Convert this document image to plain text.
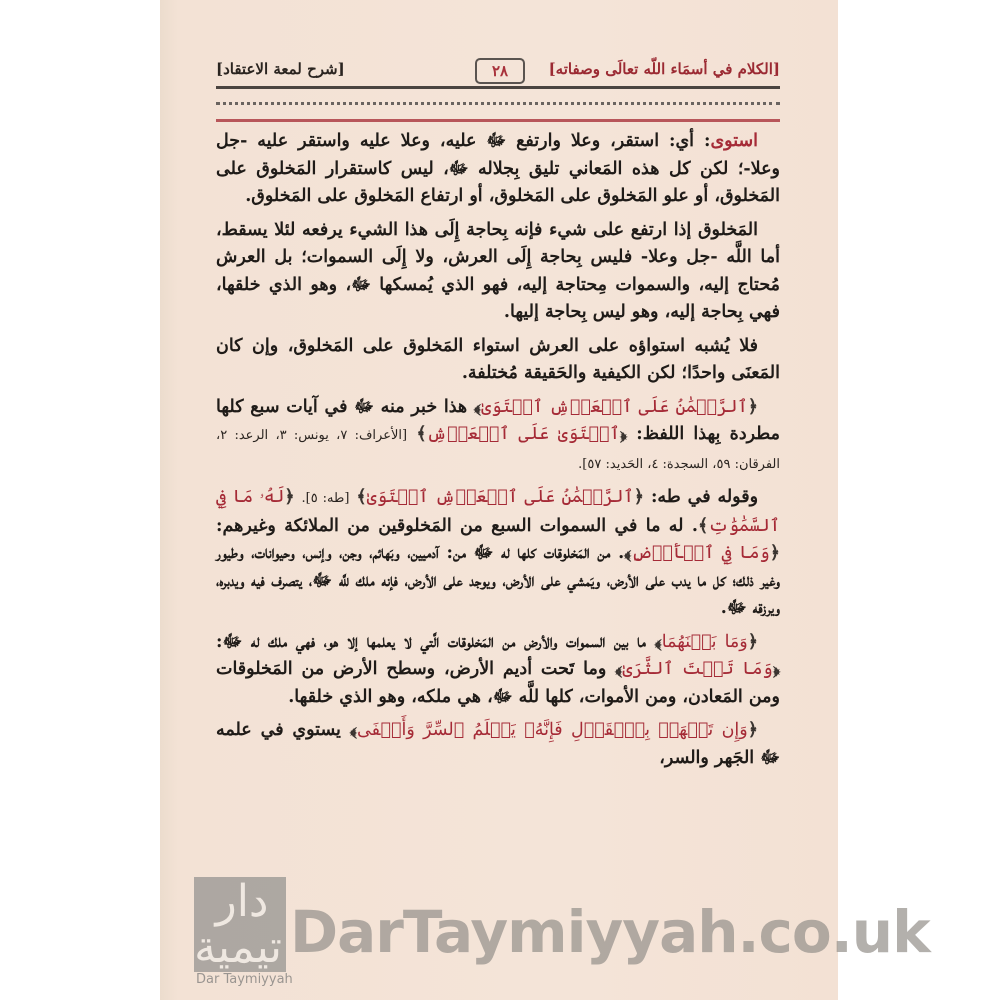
[الكلام في أسمَاء اللّه تعالَى وصفاته]
[شرح لمعة الاعتقاد]	٢٨

استوى: أي: استقر، وعلا وارتفع ﷻ عليه، وعلا عليه واستقر عليه -جل وعلا-؛ لكن كل هذه المَعاني تليق بِجلاله ﷻ، ليس كاستقرار المَخلوق على المَخلوق، أو علو المَخلوق على المَخلوق، أو ارتفاع المَخلوق على المَخلوق.

المَخلوق إذا ارتفع على شيء فإنه بِحاجة إِلَى هذا الشيء يرفعه لئلا يسقط، أما اللَّه -جل وعلا- فليس بِحاجة إِلَى العرش، ولا إِلَى السموات؛ بل العرش مُحتاج إليه، والسموات مِحتاجة إليه، فهو الذي يُمسكها ﷻ، وهو الذي خلقها، فهي بِحاجة إليه، وهو ليس بِحاجة إليها.

فلا يُشبه استواؤه على العرش استواء المَخلوق على المَخلوق، وإن كان المَعنَى واحدًا؛ لكن الكيفية والحَقيقة مُختلفة.

﴿ٱلرَّحۡمَٰنُ عَلَى ٱلۡعَرۡشِ ٱسۡتَوَىٰ﴾ هذا خبر منه ﷻ في آيات سبع كلها مطردة بِهذا اللفظ: ﴿ٱسۡتَوَىٰ عَلَى ٱلۡعَرۡشِ﴾ [الأعراف: ٧، يونس: ٣، الرعد: ٢، الفرقان: ٥٩، السجدة: ٤، الحَديد: ٥٧].

وقوله في طه: ﴿ٱلرَّحۡمَٰنُ عَلَى ٱلۡعَرۡشِ ٱسۡتَوَىٰ﴾ [طه: ٥]. ﴿لَهُۥ مَا فِي ٱلسَّمَٰوَٰتِ﴾. له ما في السموات السبع من المَخلوقين من الملائكة وغيرهم: ﴿وَمَا فِي ٱلۡأَرۡضِ﴾. من المَخلوقات كلها له ﷻ من: آدميين، وبَهائم، وجن، وإنس، وحيوانات، وطيور وغير ذلك؛ كل ما يدب على الأرض، ويَمشي على الأرض، ويوجد على الأرض، فإنه ملك للَّه ﷻ، يتصرف فيه ويدبره، ويرزقه ﷻ.

﴿وَمَا بَيۡنَهُمَا﴾ ما بين السموات والأرض من المَخلوقات الَّتي لا يعلمها إلا هو، فهي ملك له ﷻ: ﴿وَمَا تَحۡتَ ٱلثَّرَىٰ﴾ وما تَحت أديم الأرض، وسطح الأرض من المَخلوقات ومن المَعادن، ومن الأموات، كلها للَّه ﷻ، هي ملكه، وهو الذي خلقها.

﴿وَإِن تَجۡهَرۡ بِٱلۡقَوۡلِ فَإِنَّهُۥ يَعۡلَمُ ٱلسِّرَّ وَأَخۡفَى﴾ يستوي في علمه ﷻ الجَهر والسر،

دار تيمية
Dar Taymiyyah
DarTaymiyyah.co.uk
